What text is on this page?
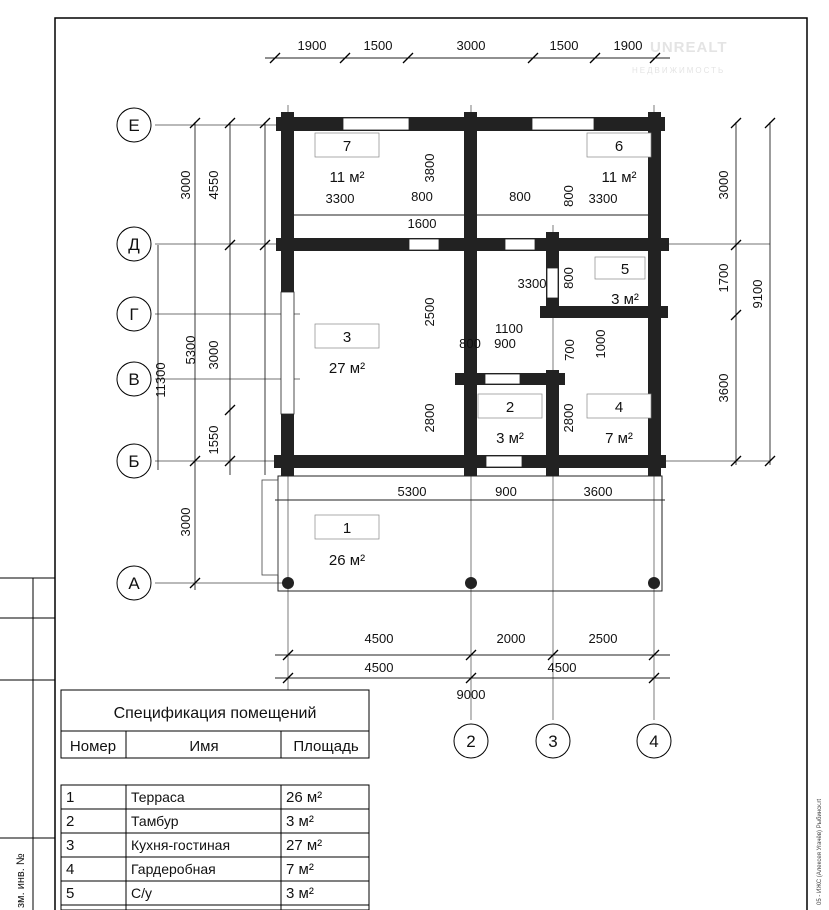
зм. инв. №
UNREALT
НЕДВИЖИМОСТЬ
05 - ИЖС (Алексея Угачёв) Рыбинск.rt
Е
Д
Г
В
Б
А
2	3	4
1900	1500	3000	1500	1900
11300
4550
5300
1550
3000
3000
3000
3000
1700
3600
9100
3800
3300	800
1600
800 800 3300
3300 800
2500
1100
800 900	700 1000
2800	2800
5300	900	3600
4500	2000	2500
4500	4500
9000
7
11 м²
6
11 м²
5
3 м²
3
27 м²
2
3 м²
4
7 м²
1
26 м²
Спецификация помещений
Номер	Имя	Площадь
1	Терраса	26 м²
2	Тамбур	3 м²
3	Кухня-гостиная	27 м²
4	Гардеробная	7 м²
5	С/у	3 м²
